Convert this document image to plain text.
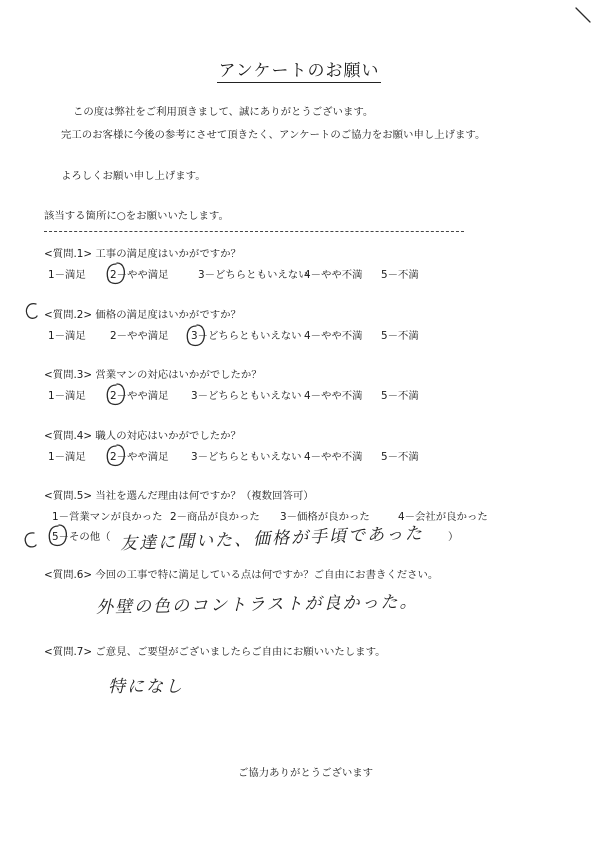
アンケートのお願い
この度は弊社をご利用頂きまして、誠にありがとうございます。
完工のお客様に今後の参考にさせて頂きたく、アンケートのご協力をお願い申し上げます。
よろしくお願い申し上げます。
該当する箇所に○をお願いいたします。
<質問.1> 工事の満足度はいかがですか？
1－満足 2－やや満足	3－どちらともいえない
4－やや不満 5－不満
<質問.2> 価格の満足度はいかがですか？
1－満足 2－やや満足 3－どちらともいえない 4－やや不満 5－不満
<質問.3> 営業マンの対応はいかがでしたか？
1－満足 2－やや満足 3－どちらともいえない 4－やや不満 5－不満
<質問.4> 職人の対応はいかがでしたか？
1－満足 2－やや満足 3－どちらともいえない 4－やや不満 5－不満
<質問.5> 当社を選んだ理由は何ですか？（複数回答可）
1－営業マンが良かった 2－商品が良かった 3－価格が良かった	4－会社が良かった
5－その他（	）
友達に聞いた、価格が手頃であった
<質問.6> 今回の工事で特に満足している点は何ですか？ご自由にお書きください。
外壁の色のコントラストが良かった。
<質問.7> ご意見、ご要望がございましたらご自由にお願いいたします。
特になし
ご協力ありがとうございます
